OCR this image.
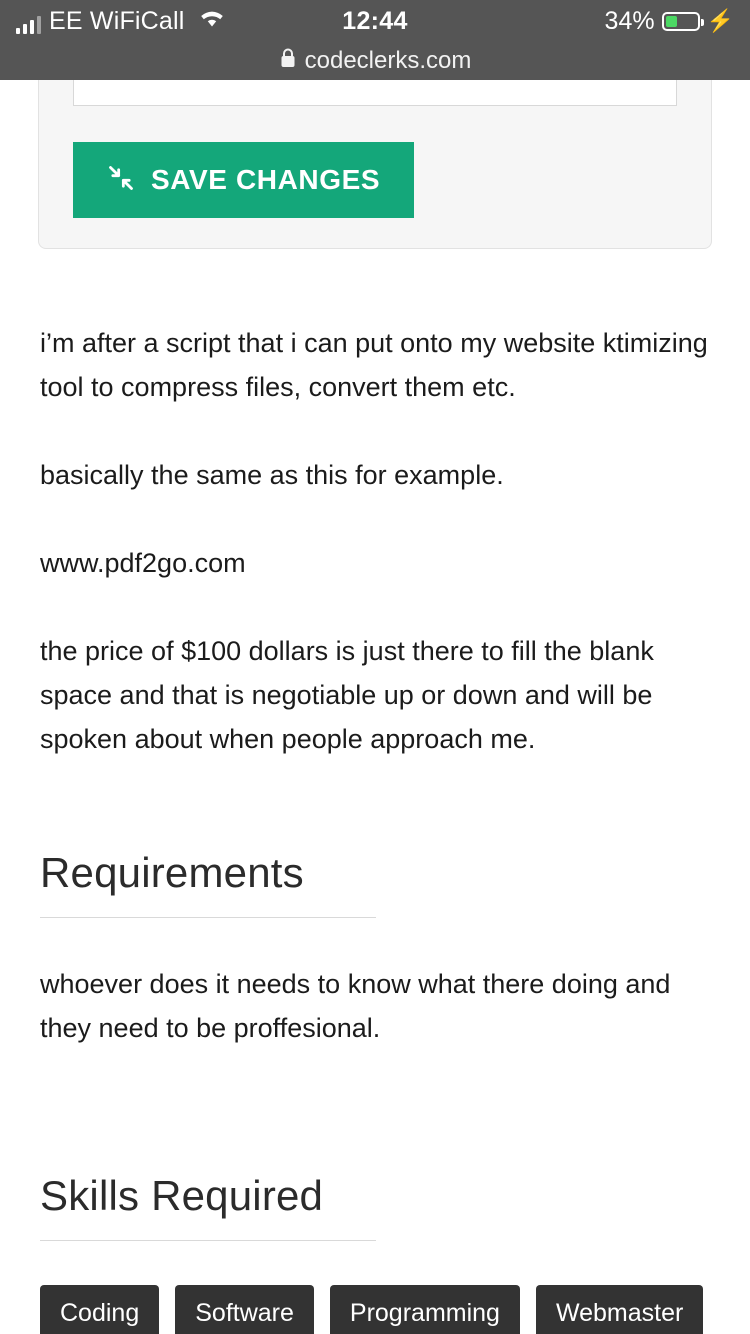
EE WiFiCall	12:44	34% ⚡
codeclerks.com
SAVE CHANGES

i’m after a script that i can put onto my website ktimizing tool to compress files, convert them etc.

basically the same as this for example.

www.pdf2go.com

the price of $100 dollars is just there to fill the blank space and that is negotiable up or down and will be spoken about when people approach me.

Requirements

whoever does it needs to know what there doing and they need to be proffesional.

Skills Required
Coding	Software	Programming	Webmaster
